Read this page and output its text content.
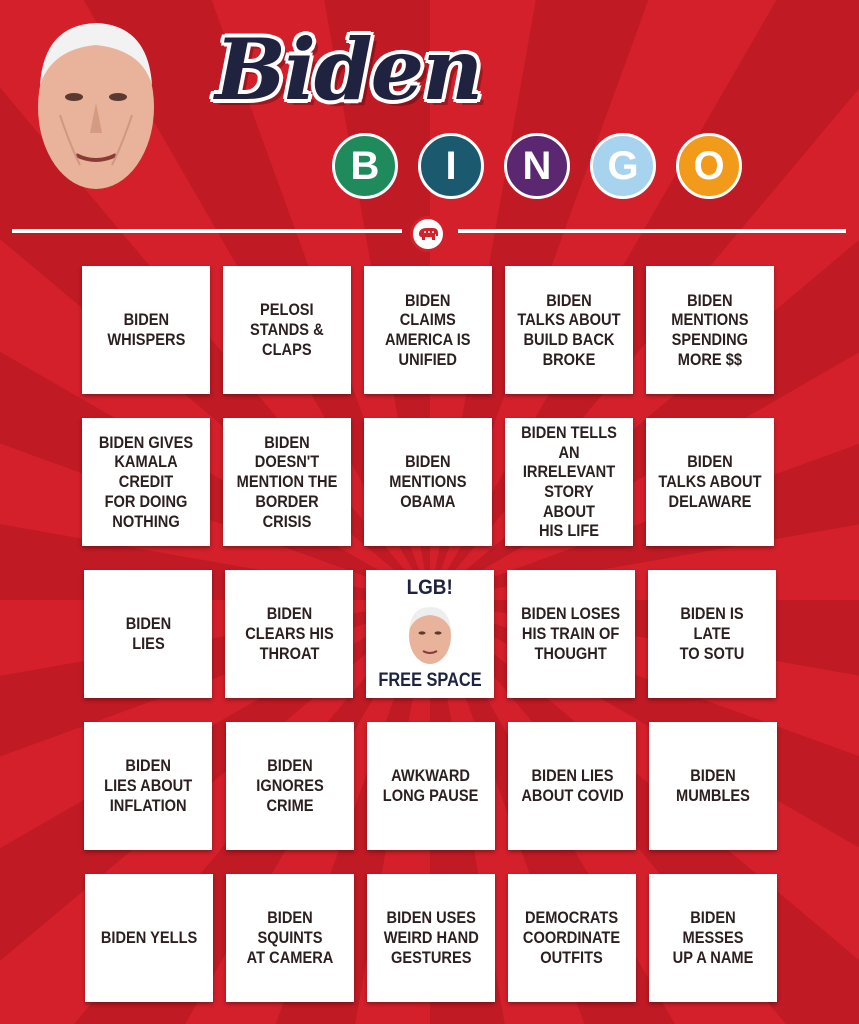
Biden
B I N G O
BIDEN
WHISPERS
PELOSI
STANDS &
CLAPS
BIDEN
CLAIMS
AMERICA IS
UNIFIED
BIDEN
TALKS ABOUT
BUILD BACK
BROKE
BIDEN
MENTIONS
SPENDING
MORE $$
BIDEN GIVES
KAMALA CREDIT
FOR DOING
NOTHING
BIDEN DOESN'T
MENTION THE
BORDER CRISIS
BIDEN
MENTIONS
OBAMA
BIDEN TELLS
AN IRRELEVANT
STORY ABOUT
HIS LIFE
BIDEN
TALKS ABOUT
DELAWARE
BIDEN
LIES
BIDEN
CLEARS HIS
THROAT
LGB!
FREE SPACE
BIDEN LOSES
HIS TRAIN OF
THOUGHT
BIDEN IS LATE
TO SOTU
BIDEN
LIES ABOUT
INFLATION
BIDEN IGNORES
CRIME
AWKWARD
LONG PAUSE
BIDEN LIES
ABOUT COVID
BIDEN
MUMBLES
BIDEN YELLS
BIDEN SQUINTS
AT CAMERA
BIDEN USES
WEIRD HAND
GESTURES
DEMOCRATS
COORDINATE
OUTFITS
BIDEN MESSES
UP A NAME
